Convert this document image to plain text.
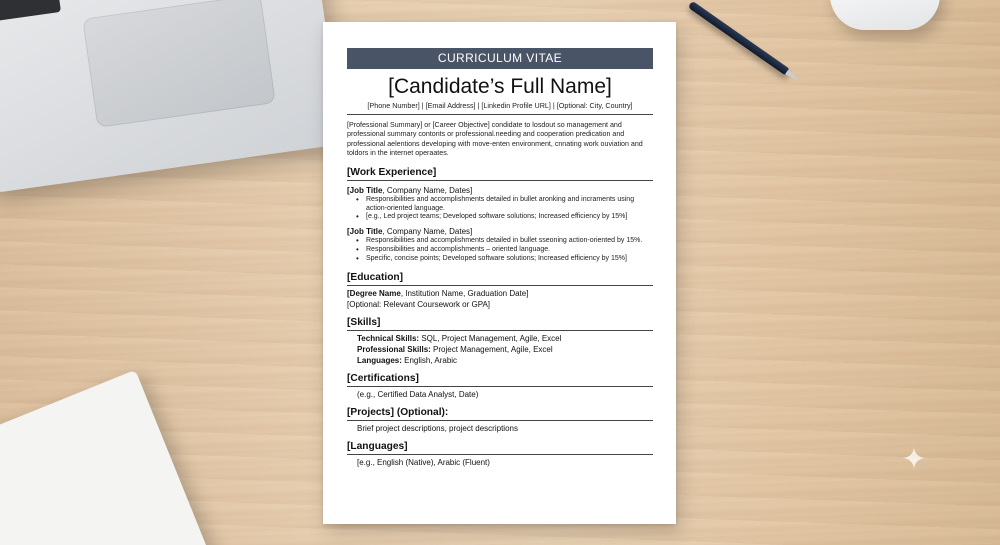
✦
CURRICULUM VITAE
[Candidate’s Full Name]
[Phone Number] | [Email Address] | [Linkedin Profile URL] | [Optional: City, Country]
[Professional Summary] or [Career Objective] condidate to losdout so management and professional summary contonts or professional.needing and cooperation predication and professional aelentions developing with move-enten environment, cnnating work ouviation and toldors in the internet operaates.
[Work Experience]
[Job Title, Company Name, Dates]
• Responsibilities and accomplishments detailed in bullet aronking and incraments using action-oriented language.
• [e.g., Led project teams; Developed software solutions; Increased efficiency by 15%]
[Job Title, Company Name, Dates]
• Responsibilities and accomplishments detailed in bullet sseoning action-oriented by 15%.
• Responsibilities and accomplishments – oriented language.
• Specific, concise points; Developed software solutions; Increased efficiency by 15%]
[Education]
[Degree Name, Institution Name, Graduation Date]
[Optional: Relevant Coursework or GPA]
[Skills]
Technical Skills: SQL, Project Management, Agile, Excel
Professional Skills: Project Management, Agile, Excel
Languages: English, Arabic
[Certifications]
(e.g., Certified Data Analyst, Date)
[Projects] (Optional):
Brief project descriptions, project descriptions
[Languages]
[e.g., English (Native), Arabic (Fluent)
